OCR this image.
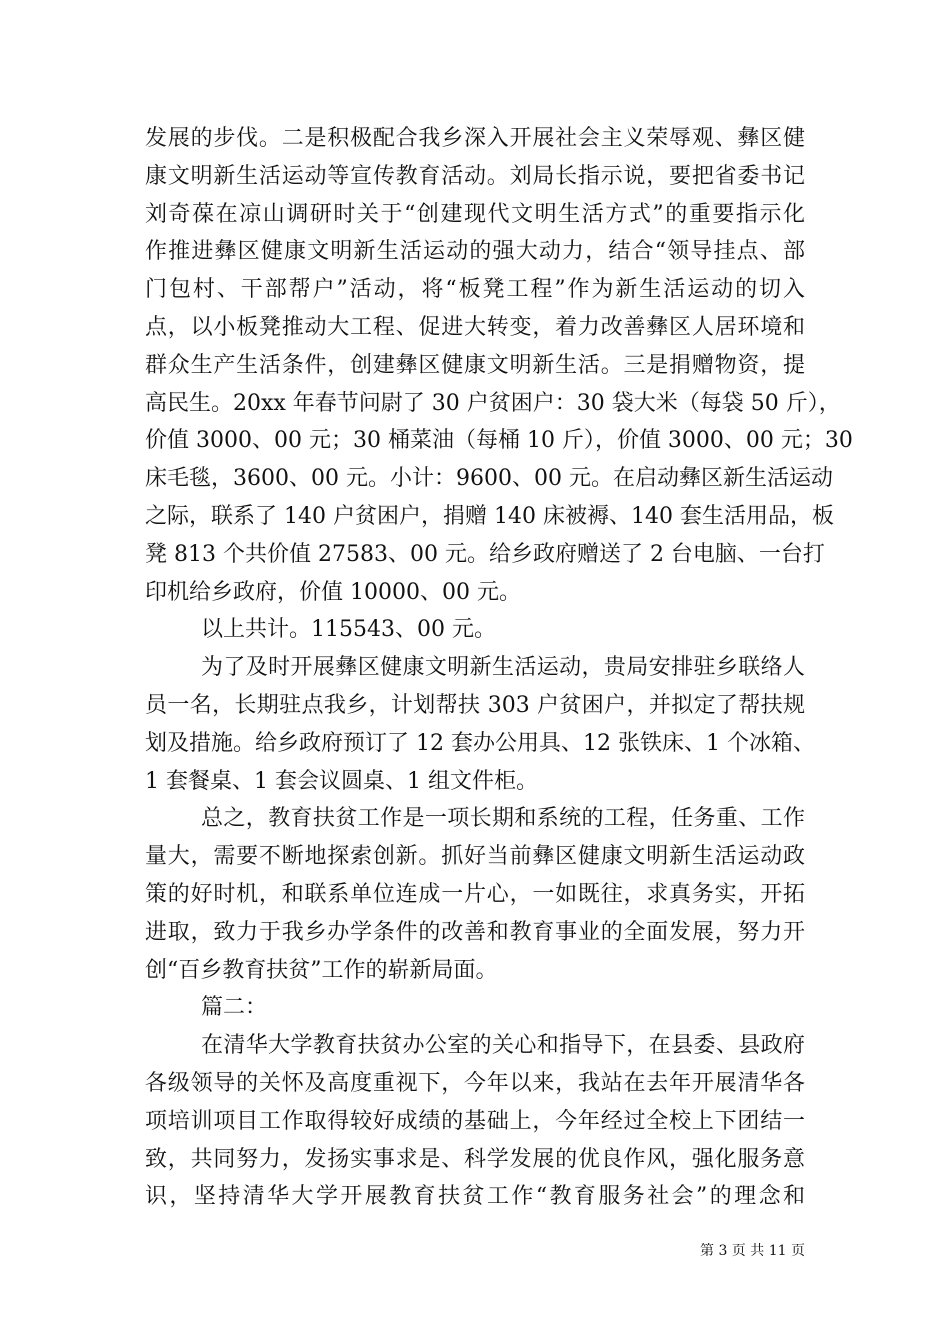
发展的步伐。二是积极配合我乡深入开展社会主义荣辱观、彝区健
康文明新生活运动等宣传教育活动。刘局长指示说，要把省委书记
刘奇葆在凉山调研时关于“创建现代文明生活方式”的重要指示化
作推进彝区健康文明新生活运动的强大动力，结合“领导挂点、部
门包村、干部帮户”活动，将“板凳工程”作为新生活运动的切入
点，以小板凳推动大工程、促进大转变，着力改善彝区人居环境和
群众生产生活条件，创建彝区健康文明新生活。三是捐赠物资，提
高民生。20xx 年春节问尉了 30 户贫困户：30 袋大米（每袋 50 斤），
价值 3000、00 元；30 桶菜油（每桶 10 斤），价值 3000、00 元；30
床毛毯，3600、00 元。小计：9600、00 元。在启动彝区新生活运动
之际，联系了 140 户贫困户，捐赠 140 床被褥、140 套生活用品，板
凳 813 个共价值 27583、00 元。给乡政府赠送了 2 台电脑、一台打
印机给乡政府，价值 10000、00 元。
以上共计。115543、00 元。
为了及时开展彝区健康文明新生活运动，贵局安排驻乡联络人
员一名，长期驻点我乡，计划帮扶 303 户贫困户，并拟定了帮扶规
划及措施。给乡政府预订了 12 套办公用具、12 张铁床、1 个冰箱、
1 套餐桌、1 套会议圆桌、1 组文件柜。
总之，教育扶贫工作是一项长期和系统的工程，任务重、工作
量大，需要不断地探索创新。抓好当前彝区健康文明新生活运动政
策的好时机，和联系单位连成一片心，一如既往，求真务实，开拓
进取，致力于我乡办学条件的改善和教育事业的全面发展，努力开
创“百乡教育扶贫”工作的崭新局面。
篇二：
在清华大学教育扶贫办公室的关心和指导下，在县委、县政府
各级领导的关怀及高度重视下，今年以来，我站在去年开展清华各
项培训项目工作取得较好成绩的基础上，今年经过全校上下团结一
致，共同努力，发扬实事求是、科学发展的优良作风，强化服务意
识，坚持清华大学开展教育扶贫工作“教育服务社会”的理念和
第 3 页 共 11 页
